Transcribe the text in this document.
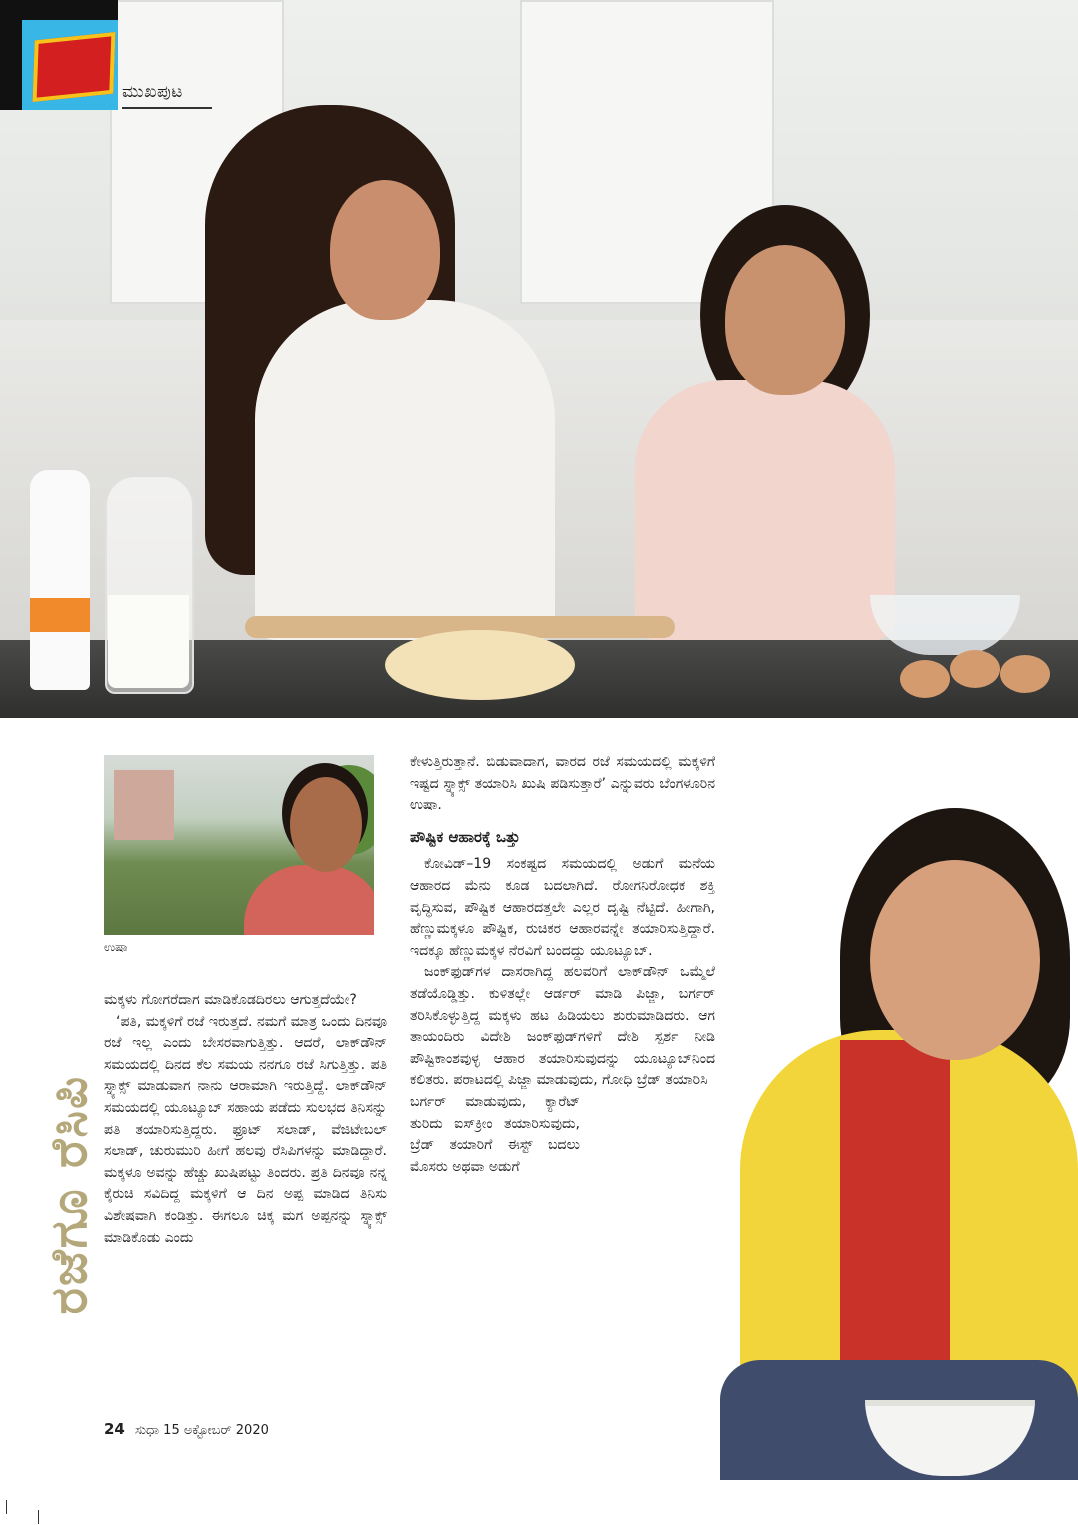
ಮುಖಪುಟ
ಉಷಾ
ರಜೆಗೂ ರೆಸಿಪಿ

ಮಕ್ಕಳು ಗೋಗರೆದಾಗ ಮಾಡಿಕೊಡದಿರಲು ಆಗುತ್ತದೆಯೇ?

‘ಪತಿ, ಮಕ್ಕಳಿಗೆ ರಜೆ ಇರುತ್ತದೆ. ನಮಗೆ ಮಾತ್ರ ಒಂದು ದಿನವೂ ರಜೆ ಇಲ್ಲ ಎಂದು ಬೇಸರವಾಗುತ್ತಿತ್ತು. ಆದರೆ, ಲಾಕ್‌ಡೌನ್ ಸಮಯದಲ್ಲಿ ದಿನದ ಕೆಲ ಸಮಯ ನನಗೂ ರಜೆ ಸಿಗುತ್ತಿತ್ತು. ಪತಿ ಸ್ನ್ಯಾಕ್ಸ್ ಮಾಡುವಾಗ ನಾನು ಆರಾಮಾಗಿ ಇರುತ್ತಿದ್ದೆ. ಲಾಕ್‌ಡೌನ್ ಸಮಯದಲ್ಲಿ ಯೂಟ್ಯೂಬ್ ಸಹಾಯ ಪಡೆದು ಸುಲಭದ ತಿನಿಸನ್ನು ಪತಿ ತಯಾರಿಸುತ್ತಿದ್ದರು. ಫ್ರೂಟ್ ಸಲಾಡ್, ವೆಜಿಟೇಬಲ್ ಸಲಾಡ್, ಚುರುಮುರಿ ಹೀಗೆ ಹಲವು ರೆಸಿಪಿಗಳನ್ನು ಮಾಡಿದ್ದಾರೆ. ಮಕ್ಕಳೂ ಅವನ್ನು ಹೆಚ್ಚು ಖುಷಿಪಟ್ಟು ತಿಂದರು. ಪ್ರತಿ ದಿನವೂ ನನ್ನ ಕೈರುಚಿ ಸವಿದಿದ್ದ ಮಕ್ಕಳಿಗೆ ಆ ದಿನ ಅಪ್ಪ ಮಾಡಿದ ತಿನಿಸು ವಿಶೇಷವಾಗಿ ಕಂಡಿತ್ತು. ಈಗಲೂ ಚಿಕ್ಕ ಮಗ ಅಪ್ಪನನ್ನು ಸ್ನ್ಯಾಕ್ಸ್ ಮಾಡಿಕೊಡು ಎಂದು

ಕೇಳುತ್ತಿರುತ್ತಾನೆ. ಬಿಡುವಾದಾಗ, ವಾರದ ರಜೆ ಸಮಯದಲ್ಲಿ ಮಕ್ಕಳಿಗೆ ಇಷ್ಟದ ಸ್ನ್ಯಾಕ್ಸ್ ತಯಾರಿಸಿ ಖುಷಿ ಪಡಿಸುತ್ತಾರೆ’ ಎನ್ನುವರು ಬೆಂಗಳೂರಿನ ಉಷಾ.

ಪೌಷ್ಟಿಕ ಆಹಾರಕ್ಕೆ ಒತ್ತು

ಕೋವಿಡ್–19 ಸಂಕಷ್ಟದ ಸಮಯದಲ್ಲಿ ಅಡುಗೆ ಮನೆಯ ಆಹಾರದ ಮೆನು ಕೂಡ ಬದಲಾಗಿದೆ. ರೋಗನಿರೋಧಕ ಶಕ್ತಿ ವೃದ್ಧಿಸುವ, ಪೌಷ್ಟಿಕ ಆಹಾರದತ್ತಲೇ ಎಲ್ಲರ ದೃಷ್ಟಿ ನೆಟ್ಟಿದೆ. ಹೀಗಾಗಿ, ಹೆಣ್ಣುಮಕ್ಕಳೂ ಪೌಷ್ಟಿಕ, ರುಚಿಕರ ಆಹಾರವನ್ನೇ ತಯಾರಿಸುತ್ತಿದ್ದಾರೆ. ಇದಕ್ಕೂ ಹೆಣ್ಣುಮಕ್ಕಳ ನೆರವಿಗೆ ಬಂದದ್ದು ಯೂಟ್ಯೂಬ್.

ಜಂಕ್‌ಫುಡ್‌ಗಳ ದಾಸರಾಗಿದ್ದ ಹಲವರಿಗೆ ಲಾಕ್‌ಡೌನ್ ಒಮ್ಮೆಲೆ ತಡೆಯೊಡ್ಡಿತ್ತು. ಕುಳಿತಲ್ಲೇ ಆರ್ಡರ್ ಮಾಡಿ ಪಿಜ್ಜಾ, ಬರ್ಗರ್ ತರಿಸಿಕೊಳ್ಳುತ್ತಿದ್ದ ಮಕ್ಕಳು ಹಟ ಹಿಡಿಯಲು ಶುರುಮಾಡಿದರು. ಆಗ ತಾಯಂದಿರು ವಿದೇಶಿ ಜಂಕ್‌ಫುಡ್‌ಗಳಿಗೆ ದೇಶಿ ಸ್ಪರ್ಶ ನೀಡಿ ಪೌಷ್ಟಿಕಾಂಶವುಳ್ಳ ಆಹಾರ ತಯಾರಿಸುವುದನ್ನು ಯೂಟ್ಯೂಬ್‌ನಿಂದ ಕಲಿತರು. ಪರಾಟದಲ್ಲಿ ಪಿಜ್ಜಾ ಮಾಡುವುದು, ಗೋಧಿ ಬ್ರೆಡ್ ತಯಾರಿಸಿ

ಬರ್ಗರ್ ಮಾಡುವುದು, ಕ್ಯಾರೆಟ್ ತುರಿದು ಐಸ್‌ಕ್ರೀಂ ತಯಾರಿಸುವುದು, ಬ್ರೆಡ್ ತಯಾರಿಗೆ ಈಸ್ಟ್ ಬದಲು ಮೊಸರು ಅಥವಾ ಅಡುಗೆ

24 ಸುಧಾ 15 ಅಕ್ಟೋಬರ್ 2020
